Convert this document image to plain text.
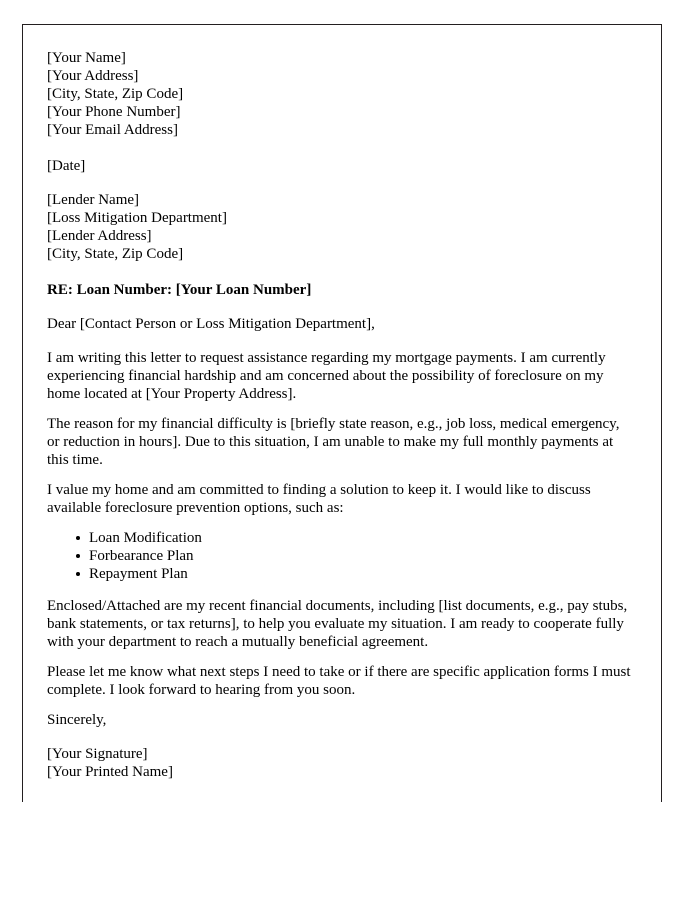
[Your Name]
[Your Address]
[City, State, Zip Code]
[Your Phone Number]
[Your Email Address]
[Date]
[Lender Name]
[Loss Mitigation Department]
[Lender Address]
[City, State, Zip Code]

RE: Loan Number: [Your Loan Number]

Dear [Contact Person or Loss Mitigation Department],

I am writing this letter to request assistance regarding my mortgage payments. I am currently experiencing financial hardship and am concerned about the possibility of foreclosure on my home located at [Your Property Address].

The reason for my financial difficulty is [briefly state reason, e.g., job loss, medical emergency, or reduction in hours]. Due to this situation, I am unable to make my full monthly payments at this time.

I value my home and am committed to finding a solution to keep it. I would like to discuss available foreclosure prevention options, such as:

Loan Modification
Forbearance Plan
Repayment Plan

Enclosed/Attached are my recent financial documents, including [list documents, e.g., pay stubs, bank statements, or tax returns], to help you evaluate my situation. I am ready to cooperate fully with your department to reach a mutually beneficial agreement.

Please let me know what next steps I need to take or if there are specific application forms I must complete. I look forward to hearing from you soon.

Sincerely,

[Your Signature]
[Your Printed Name]
